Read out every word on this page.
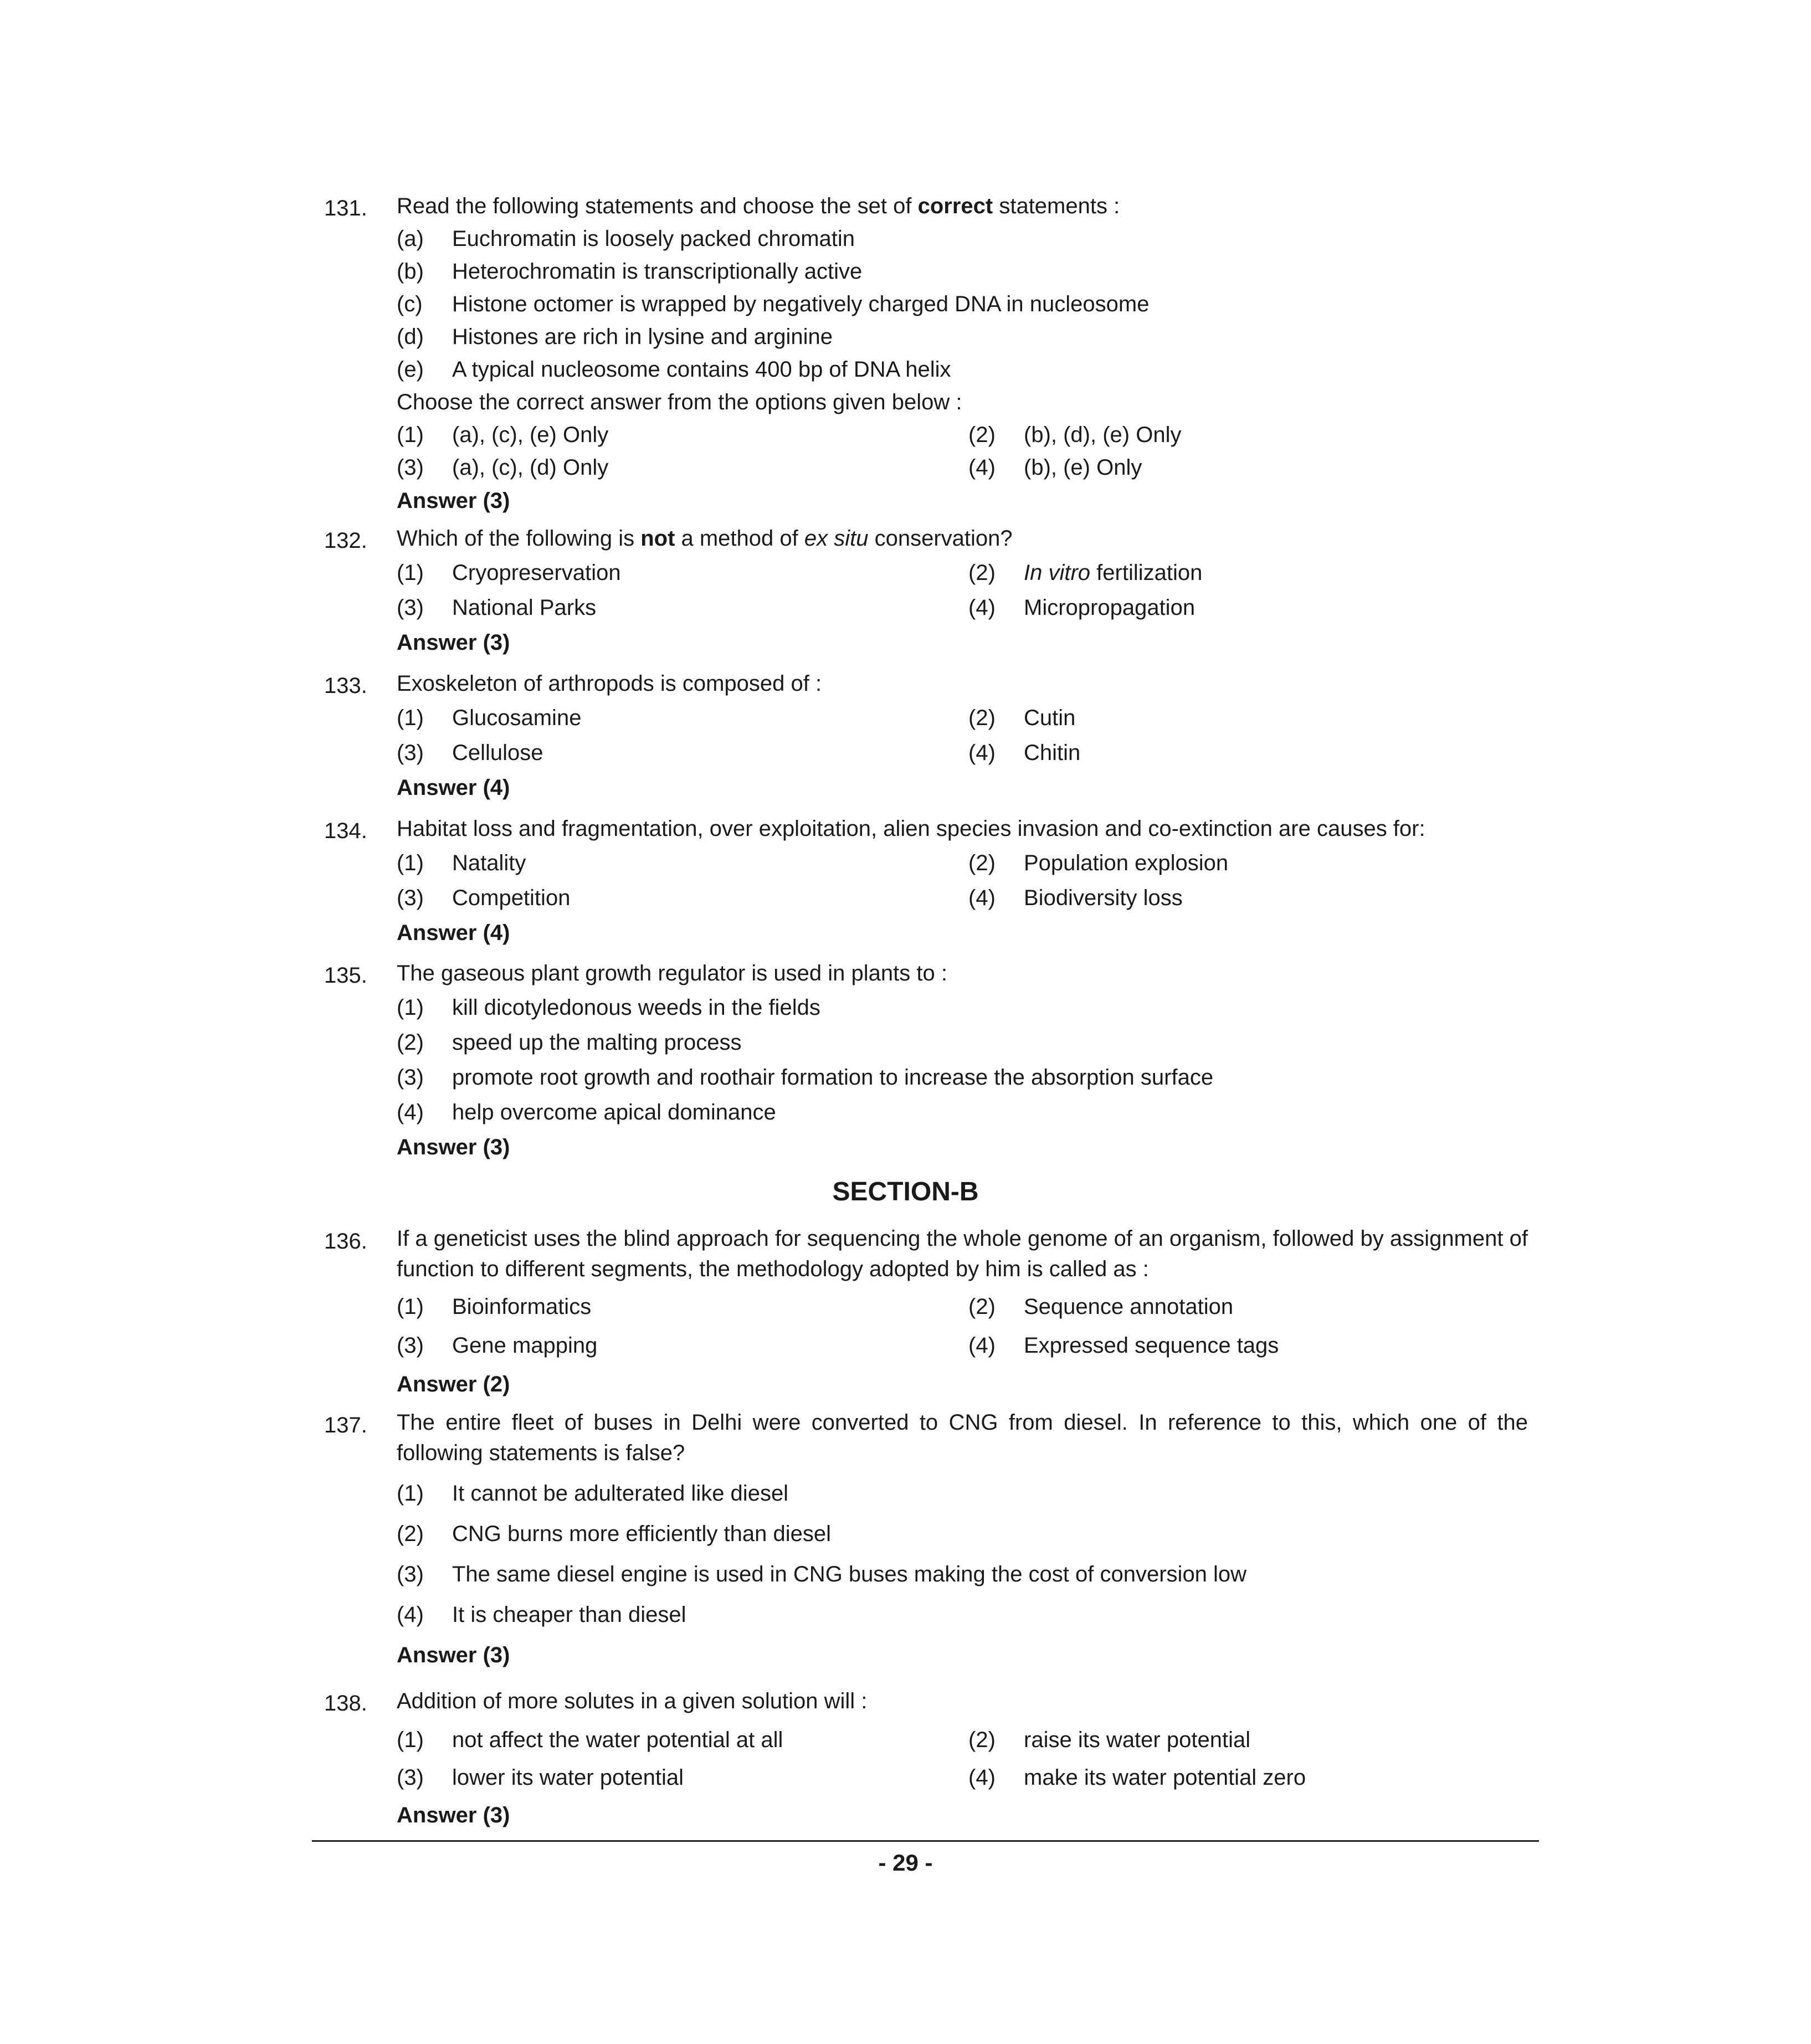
131. Read the following statements and choose the set of correct statements :
(a) Euchromatin is loosely packed chromatin
(b) Heterochromatin is transcriptionally active
(c) Histone octomer is wrapped by negatively charged DNA in nucleosome
(d) Histones are rich in lysine and arginine
(e) A typical nucleosome contains 400 bp of DNA helix
Choose the correct answer from the options given below :
(1) (a), (c), (e) Only	(2) (b), (d), (e) Only
(3) (a), (c), (d) Only	(4) (b), (e) Only
Answer (3)
132. Which of the following is not a method of ex situ conservation?
(1) Cryopreservation	(2) In vitro fertilization
(3) National Parks	(4) Micropropagation
Answer (3)
133. Exoskeleton of arthropods is composed of :
(1) Glucosamine	(2) Cutin
(3) Cellulose	(4) Chitin
Answer (4)
134. Habitat loss and fragmentation, over exploitation, alien species invasion and co-extinction are causes for:
(1) Natality	(2) Population explosion
(3) Competition	(4) Biodiversity loss
Answer (4)
135. The gaseous plant growth regulator is used in plants to :
(1) kill dicotyledonous weeds in the fields
(2) speed up the malting process
(3) promote root growth and roothair formation to increase the absorption surface
(4) help overcome apical dominance
Answer (3)
SECTION-B
136. If a geneticist uses the blind approach for sequencing the whole genome of an organism, followed by assignment of function to different segments, the methodology adopted by him is called as :
(1) Bioinformatics	(2) Sequence annotation
(3) Gene mapping	(4) Expressed sequence tags
Answer (2)
137. The entire fleet of buses in Delhi were converted to CNG from diesel. In reference to this, which one of the following statements is false?
(1) It cannot be adulterated like diesel
(2) CNG burns more efficiently than diesel
(3) The same diesel engine is used in CNG buses making the cost of conversion low
(4) It is cheaper than diesel
Answer (3)
138. Addition of more solutes in a given solution will :
(1) not affect the water potential at all	(2) raise its water potential
(3) lower its water potential	(4) make its water potential zero
Answer (3)
- 29 -
